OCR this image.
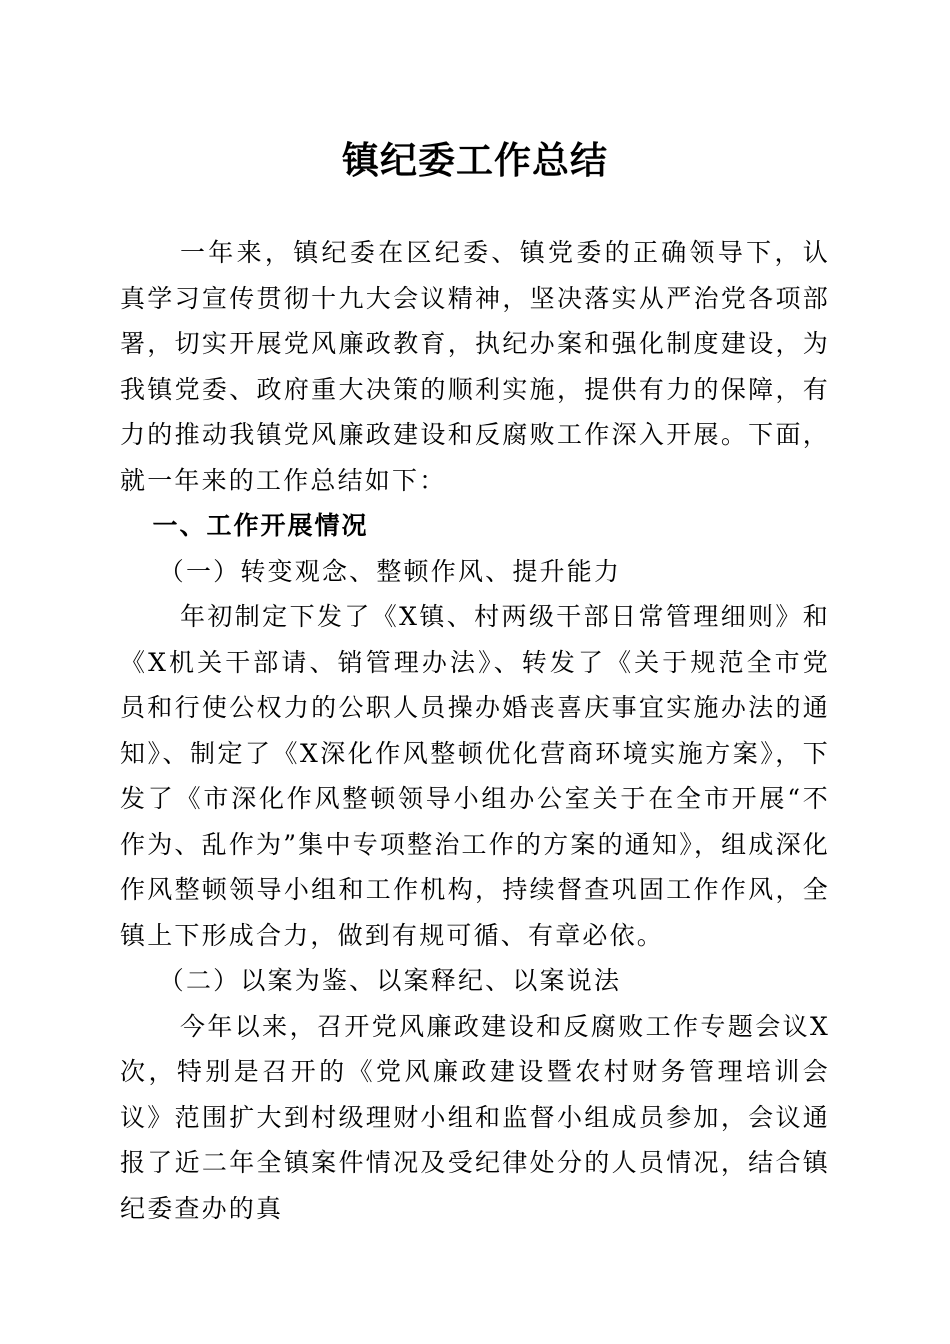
镇纪委工作总结

一年来，镇纪委在区纪委、镇党委的正确领导下，认真学习宣传贯彻十九大会议精神，坚决落实从严治党各项部署，切实开展党风廉政教育，执纪办案和强化制度建设，为我镇党委、政府重大决策的顺利实施，提供有力的保障，有力的推动我镇党风廉政建设和反腐败工作深入开展。下面，就一年来的工作总结如下：

一、工作开展情况

（一）转变观念、整顿作风、提升能力

年初制定下发了《X镇、村两级干部日常管理细则》和《X机关干部请、销管理办法》、转发了《关于规范全市党员和行使公权力的公职人员操办婚丧喜庆事宜实施办法的通知》、制定了《X深化作风整顿优化营商环境实施方案》，下发了《市深化作风整顿领导小组办公室关于在全市开展“不作为、乱作为”集中专项整治工作的方案的通知》，组成深化作风整顿领导小组和工作机构，持续督查巩固工作作风，全镇上下形成合力，做到有规可循、有章必依。

（二）以案为鉴、以案释纪、以案说法

今年以来，召开党风廉政建设和反腐败工作专题会议X次，特别是召开的《党风廉政建设暨农村财务管理培训会议》范围扩大到村级理财小组和监督小组成员参加，会议通报了近二年全镇案件情况及受纪律处分的人员情况，结合镇纪委查办的真
